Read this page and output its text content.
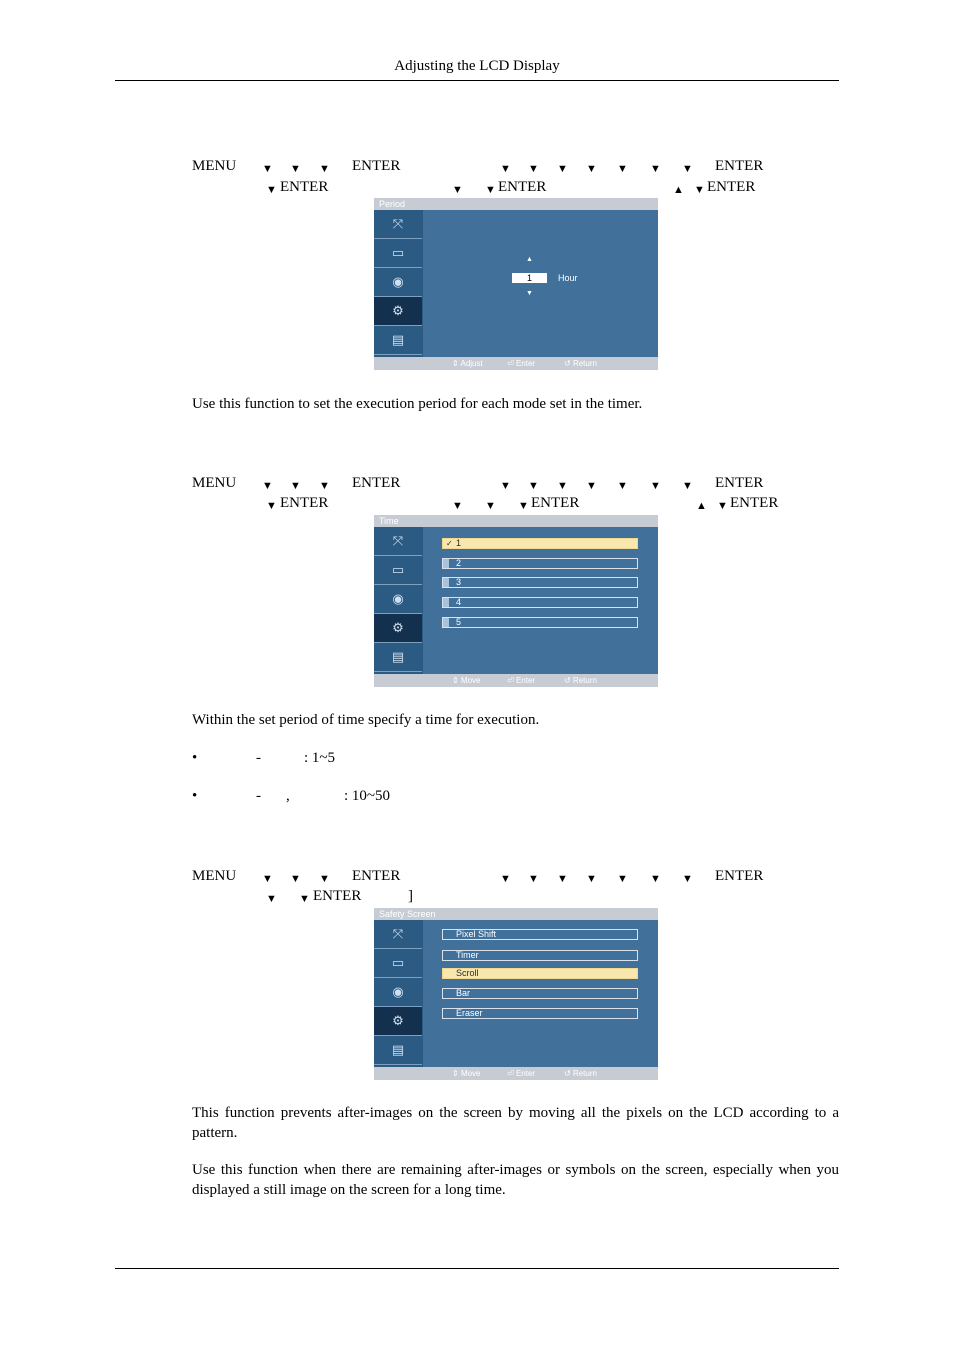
Adjusting the LCD Display
MENU ▼ ▼ ▼ ENTER	▼ ▼ ▼ ▼ ▼ ▼ ▼ ENTER
▼ ENTER	▼ ▼ ENTER	▲ ▼ ENTER
Period
⤧
▭
◉
⚙
▤
▲
1	Hour
▼
⇕ Adjust	⏎ Enter	↺ Return
Use this function to set the execution period for each mode set in the timer.
MENU ▼ ▼ ▼ ENTER	▼ ▼ ▼ ▼ ▼ ▼ ▼ ENTER
▼ ENTER	▼ ▼ ▼ ENTER	▲ ▼ ENTER
Time
⤧
▭
◉
⚙
▤
✓ 1
2
3
4
5
⇕ Move	⏎ Enter	↺ Return
Within the set period of time specify a time for execution.
•	-	: 1~5
•	- ,	: 10~50
MENU ▼ ▼ ▼ ENTER	▼ ▼ ▼ ▼ ▼ ▼ ▼ ENTER
▼ ▼ ENTER	]
Safety Screen
⤧
▭
◉
⚙
▤
Pixel Shift
Timer
Scroll
Bar
Eraser
⇕ Move	⏎ Enter	↺ Return
This function prevents after-images on the screen by moving all the pixels on the LCD according to a pattern.
Use this function when there are remaining after-images or symbols on the screen, especially when you displayed a still image on the screen for a long time.
